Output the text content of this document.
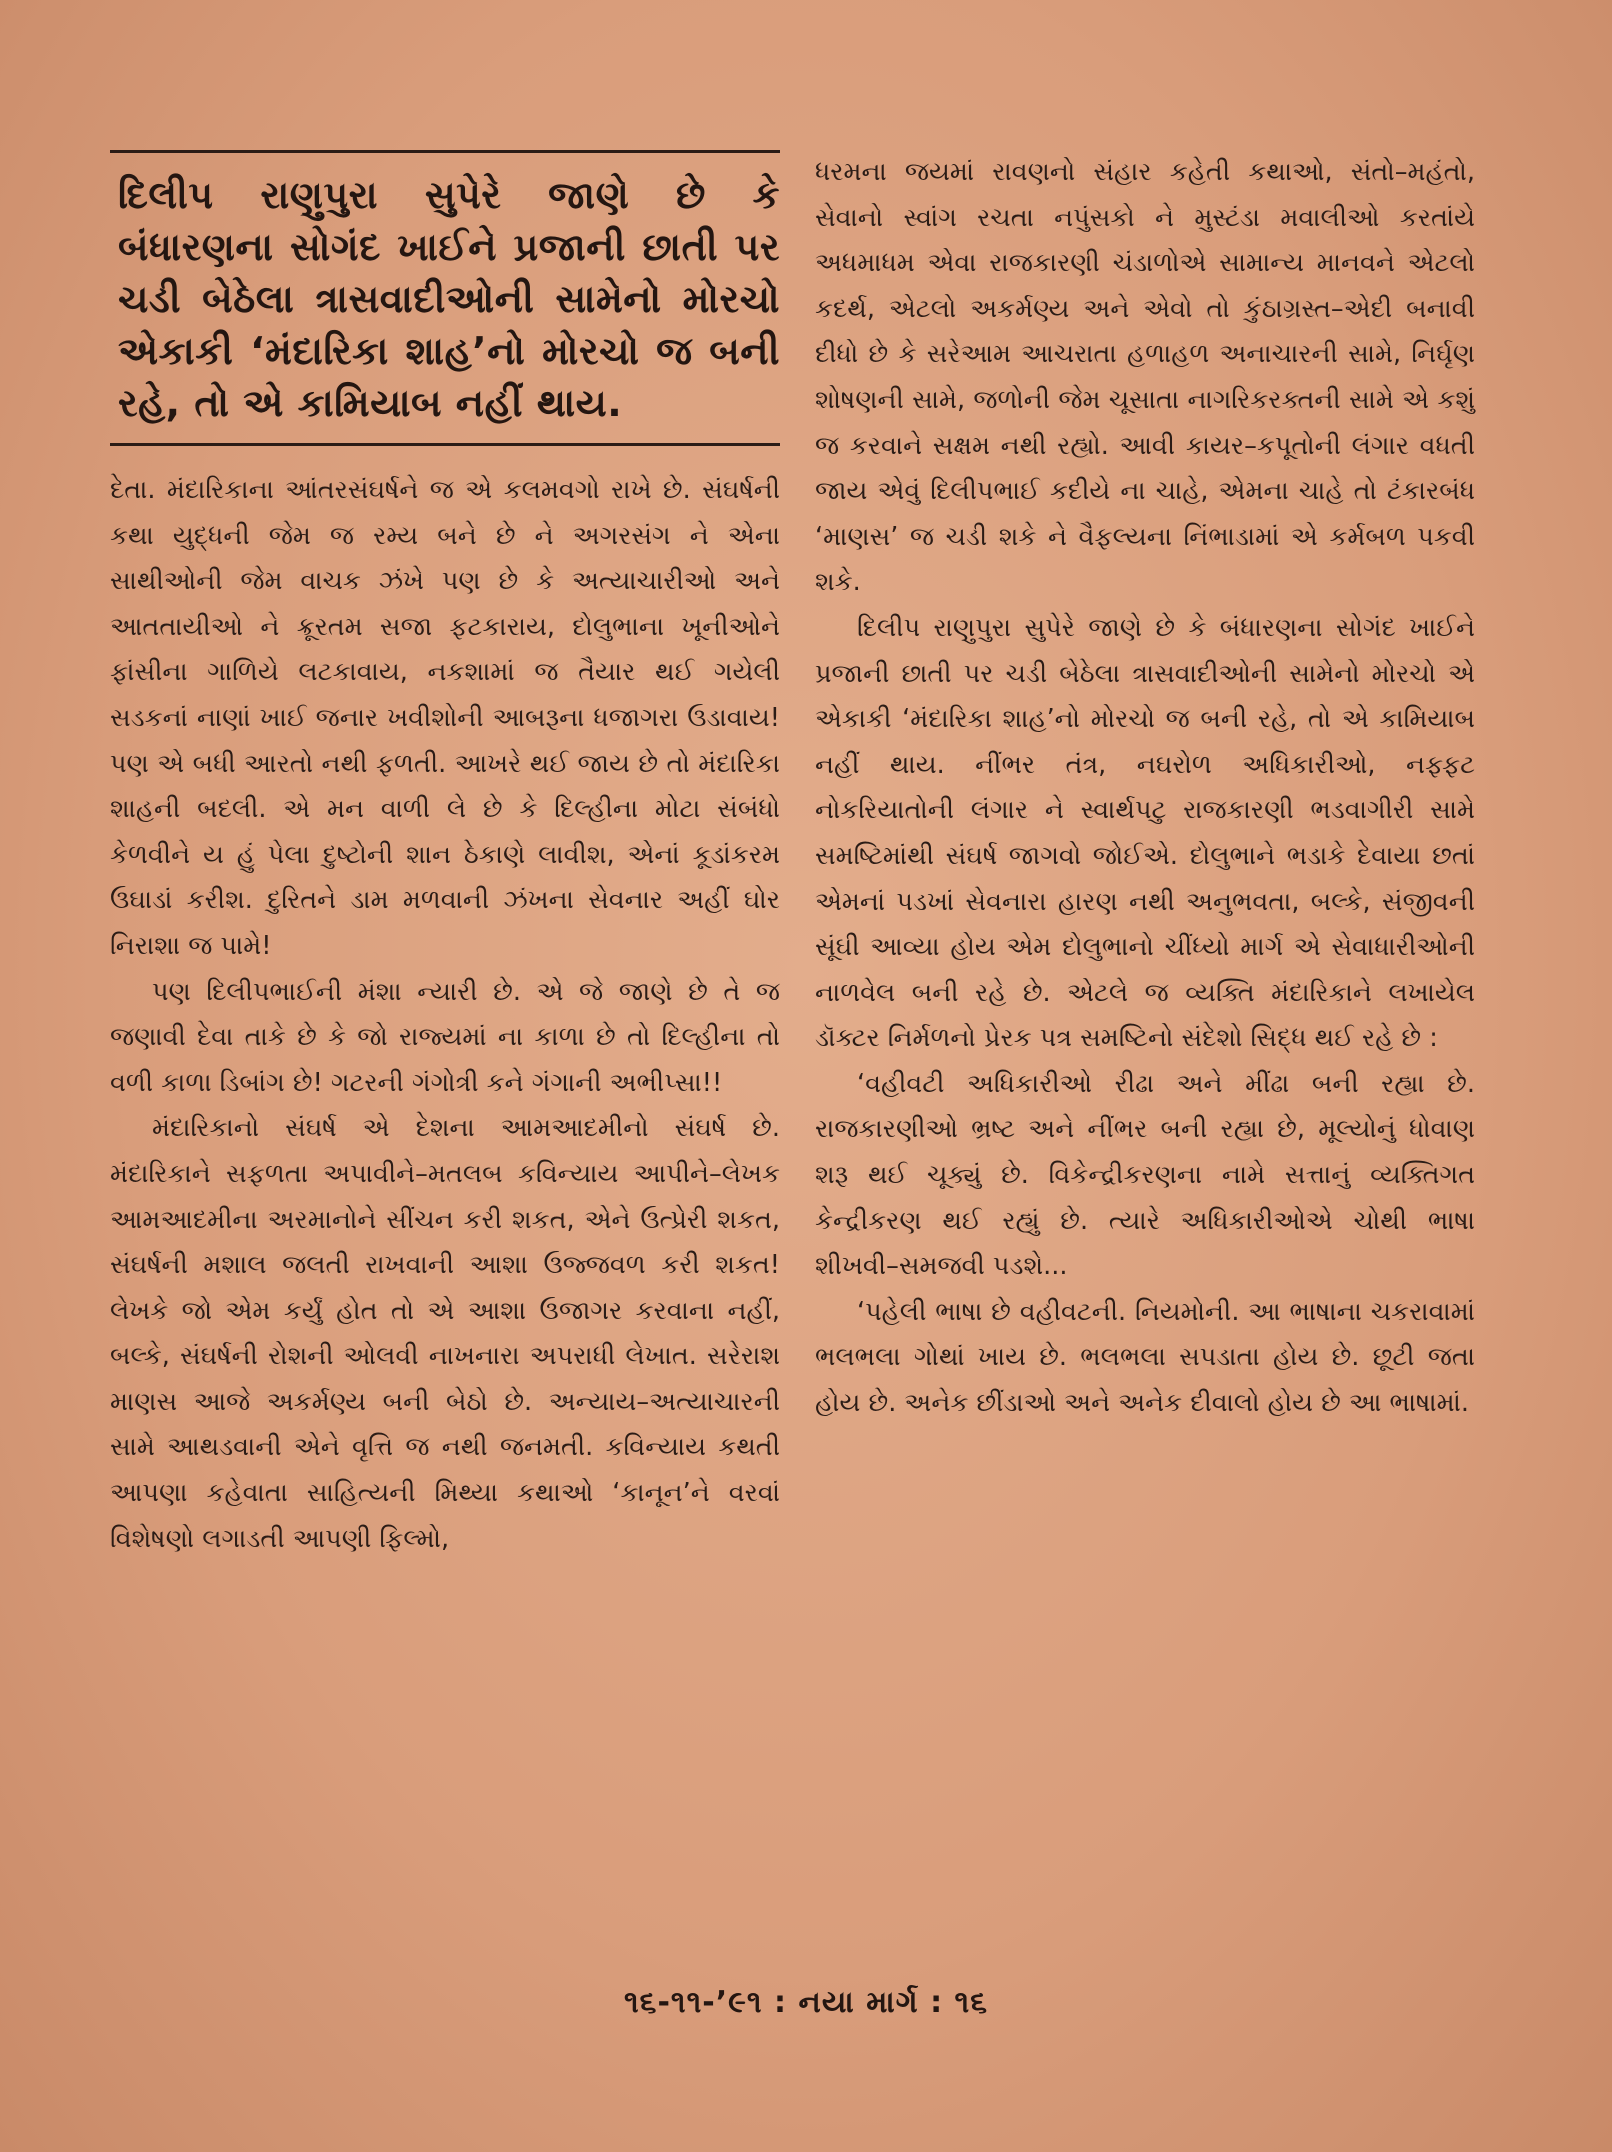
દિલીપ રાણુપુરા સુપેરે જાણે છે કે બંધારણના સોગંદ ખાઈને પ્રજાની છાતી પર ચડી બેઠેલા ત્રાસવાદીઓની સામેનો મોરચો એકાકી ‘મંદારિકા શાહ’નો મોરચો જ બની રહે, તો એ કામિયાબ નહીં થાય.

દેતા. મંદારિકાના આંતરસંઘર્ષને જ એ કલમવગો રાખે છે. સંઘર્ષની કથા યુદ્ધની જેમ જ રમ્ય બને છે ને અગરસંગ ને એના સાથીઓની જેમ વાચક ઝંખે પણ છે કે અત્યાચારીઓ અને આતતાયીઓ ને ક્રૂરતમ સજા ફટકારાય, દોલુભાના ખૂનીઓને ફાંસીના ગાળિયે લટકાવાય, નકશામાં જ તૈયાર થઈ ગયેલી સડકનાં નાણાં ખાઈ જનાર ખવીશોની આબરૂના ધજાગરા ઉડાવાય! પણ એ બધી આરતો નથી ફળતી. આખરે થઈ જાય છે તો મંદારિકા શાહની બદલી. એ મન વાળી લે છે કે દિલ્હીના મોટા સંબંધો કેળવીને ય હું પેલા દુષ્ટોની શાન ઠેકાણે લાવીશ, એનાં કૂડાંકરમ ઉઘાડાં કરીશ. દુરિતને ડામ મળવાની ઝંખના સેવનાર અહીં ઘોર નિરાશા જ પામે!

પણ દિલીપભાઈની મંશા ન્યારી છે. એ જે જાણે છે તે જ જણાવી દેવા તાકે છે કે જો રાજ્યમાં ના કાળા છે તો દિલ્હીના તો વળી કાળા ડિબાંગ છે! ગટરની ગંગોત્રી કને ગંગાની અભીપ્સા!!

મંદારિકાનો સંઘર્ષ એ દેશના આમઆદમીનો સંઘર્ષ છે. મંદારિકાને સફળતા અપાવીને–મતલબ કવિન્યાય આપીને–લેખક આમઆદમીના અરમાનોને સીંચન કરી શકત, એને ઉત્પ્રેરી શકત, સંઘર્ષની મશાલ જલતી રાખવાની આશા ઉજ્જવળ કરી શકત! લેખકે જો એમ કર્યું હોત તો એ આશા ઉજાગર કરવાના નહીં, બલ્કે, સંઘર્ષની રોશની ઓલવી નાખનારા અપરાધી લેખાત. સરેરાશ માણસ આજે અકર્મણ્ય બની બેઠો છે. અન્યાય–અત્યાચારની સામે આથડવાની એને વૃત્તિ જ નથી જનમતી. કવિન્યાય કથતી આપણા કહેવાતા સાહિત્યની મિથ્યા કથાઓ ‘કાનૂન’ને વરવાં વિશેષણો લગાડતી આપણી ફિલ્મો,

ધરમના જયમાં રાવણનો સંહાર કહેતી કથાઓ, સંતો–મહંતો, સેવાનો સ્વાંગ રચતા નપુંસકો ને મુસ્ટંડા મવાલીઓ કરતાંયે અધમાધમ એવા રાજકારણી ચંડાળોએ સામાન્ય માનવને એટલો કદર્થ, એટલો અકર્મણ્ય અને એવો તો કુંઠાગ્રસ્ત–એદી બનાવી દીધો છે કે સરેઆમ આચરાતા હળાહળ અનાચારની સામે, નિર્ઘૃણ શોષણની સામે, જળોની જેમ ચૂસાતા નાગરિકરક્તની સામે એ કશું જ કરવાને સક્ષમ નથી રહ્યો. આવી કાયર–કપૂતોની લંગાર વધતી જાય એવું દિલીપભાઈ કદીયે ના ચાહે, એમના ચાહે તો ટંકારબંધ ‘માણસ’ જ ચડી શકે ને વૈફલ્યના નિંભાડામાં એ કર્મબળ પકવી શકે.

દિલીપ રાણુપુરા સુપેરે જાણે છે કે બંધારણના સોગંદ ખાઈને પ્રજાની છાતી પર ચડી બેઠેલા ત્રાસવાદીઓની સામેનો મોરચો એ એકાકી ‘મંદારિકા શાહ’નો મોરચો જ બની રહે, તો એ કામિયાબ નહીં થાય. નીંભર તંત્ર, નઘરોળ અધિકારીઓ, નફ્ફટ નોકરિયાતોની લંગાર ને સ્વાર્થપટુ રાજકારણી ભડવાગીરી સામે સમષ્ટિમાંથી સંઘર્ષ જાગવો જોઈએ. દોલુભાને ભડાકે દેવાયા છતાં એમનાં પડખાં સેવનારા હારણ નથી અનુભવતા, બલ્કે, સંજીવની સૂંઘી આવ્યા હોય એમ દોલુભાનો ચીંધ્યો માર્ગ એ સેવાધારીઓની નાળવેલ બની રહે છે. એટલે જ વ્યક્તિ મંદારિકાને લખાયેલ ડૉક્ટર નિર્મળનો પ્રેરક પત્ર સમષ્ટિનો સંદેશો સિદ્ધ થઈ રહે છે :

‘વહીવટી અધિકારીઓ રીઢા અને મીંઢા બની રહ્યા છે. રાજકારણીઓ ભ્રષ્ટ અને નીંભર બની રહ્યા છે, મૂલ્યોનું ધોવાણ શરૂ થઈ ચૂક્યું છે. વિકેન્દ્રીકરણના નામે સત્તાનું વ્યક્તિગત કેન્દ્રીકરણ થઈ રહ્યું છે. ત્યારે અધિકારીઓએ ચોથી ભાષા શીખવી–સમજવી પડશે...

‘પહેલી ભાષા છે વહીવટની. નિયમોની. આ ભાષાના ચકરાવામાં ભલભલા ગોથાં ખાય છે. ભલભલા સપડાતા હોય છે. છૂટી જતા હોય છે. અનેક છીંડાઓ અને અનેક દીવાલો હોય છે આ ભાષામાં.

૧૬-૧૧-’૯૧ : નયા માર્ગ : ૧૬
